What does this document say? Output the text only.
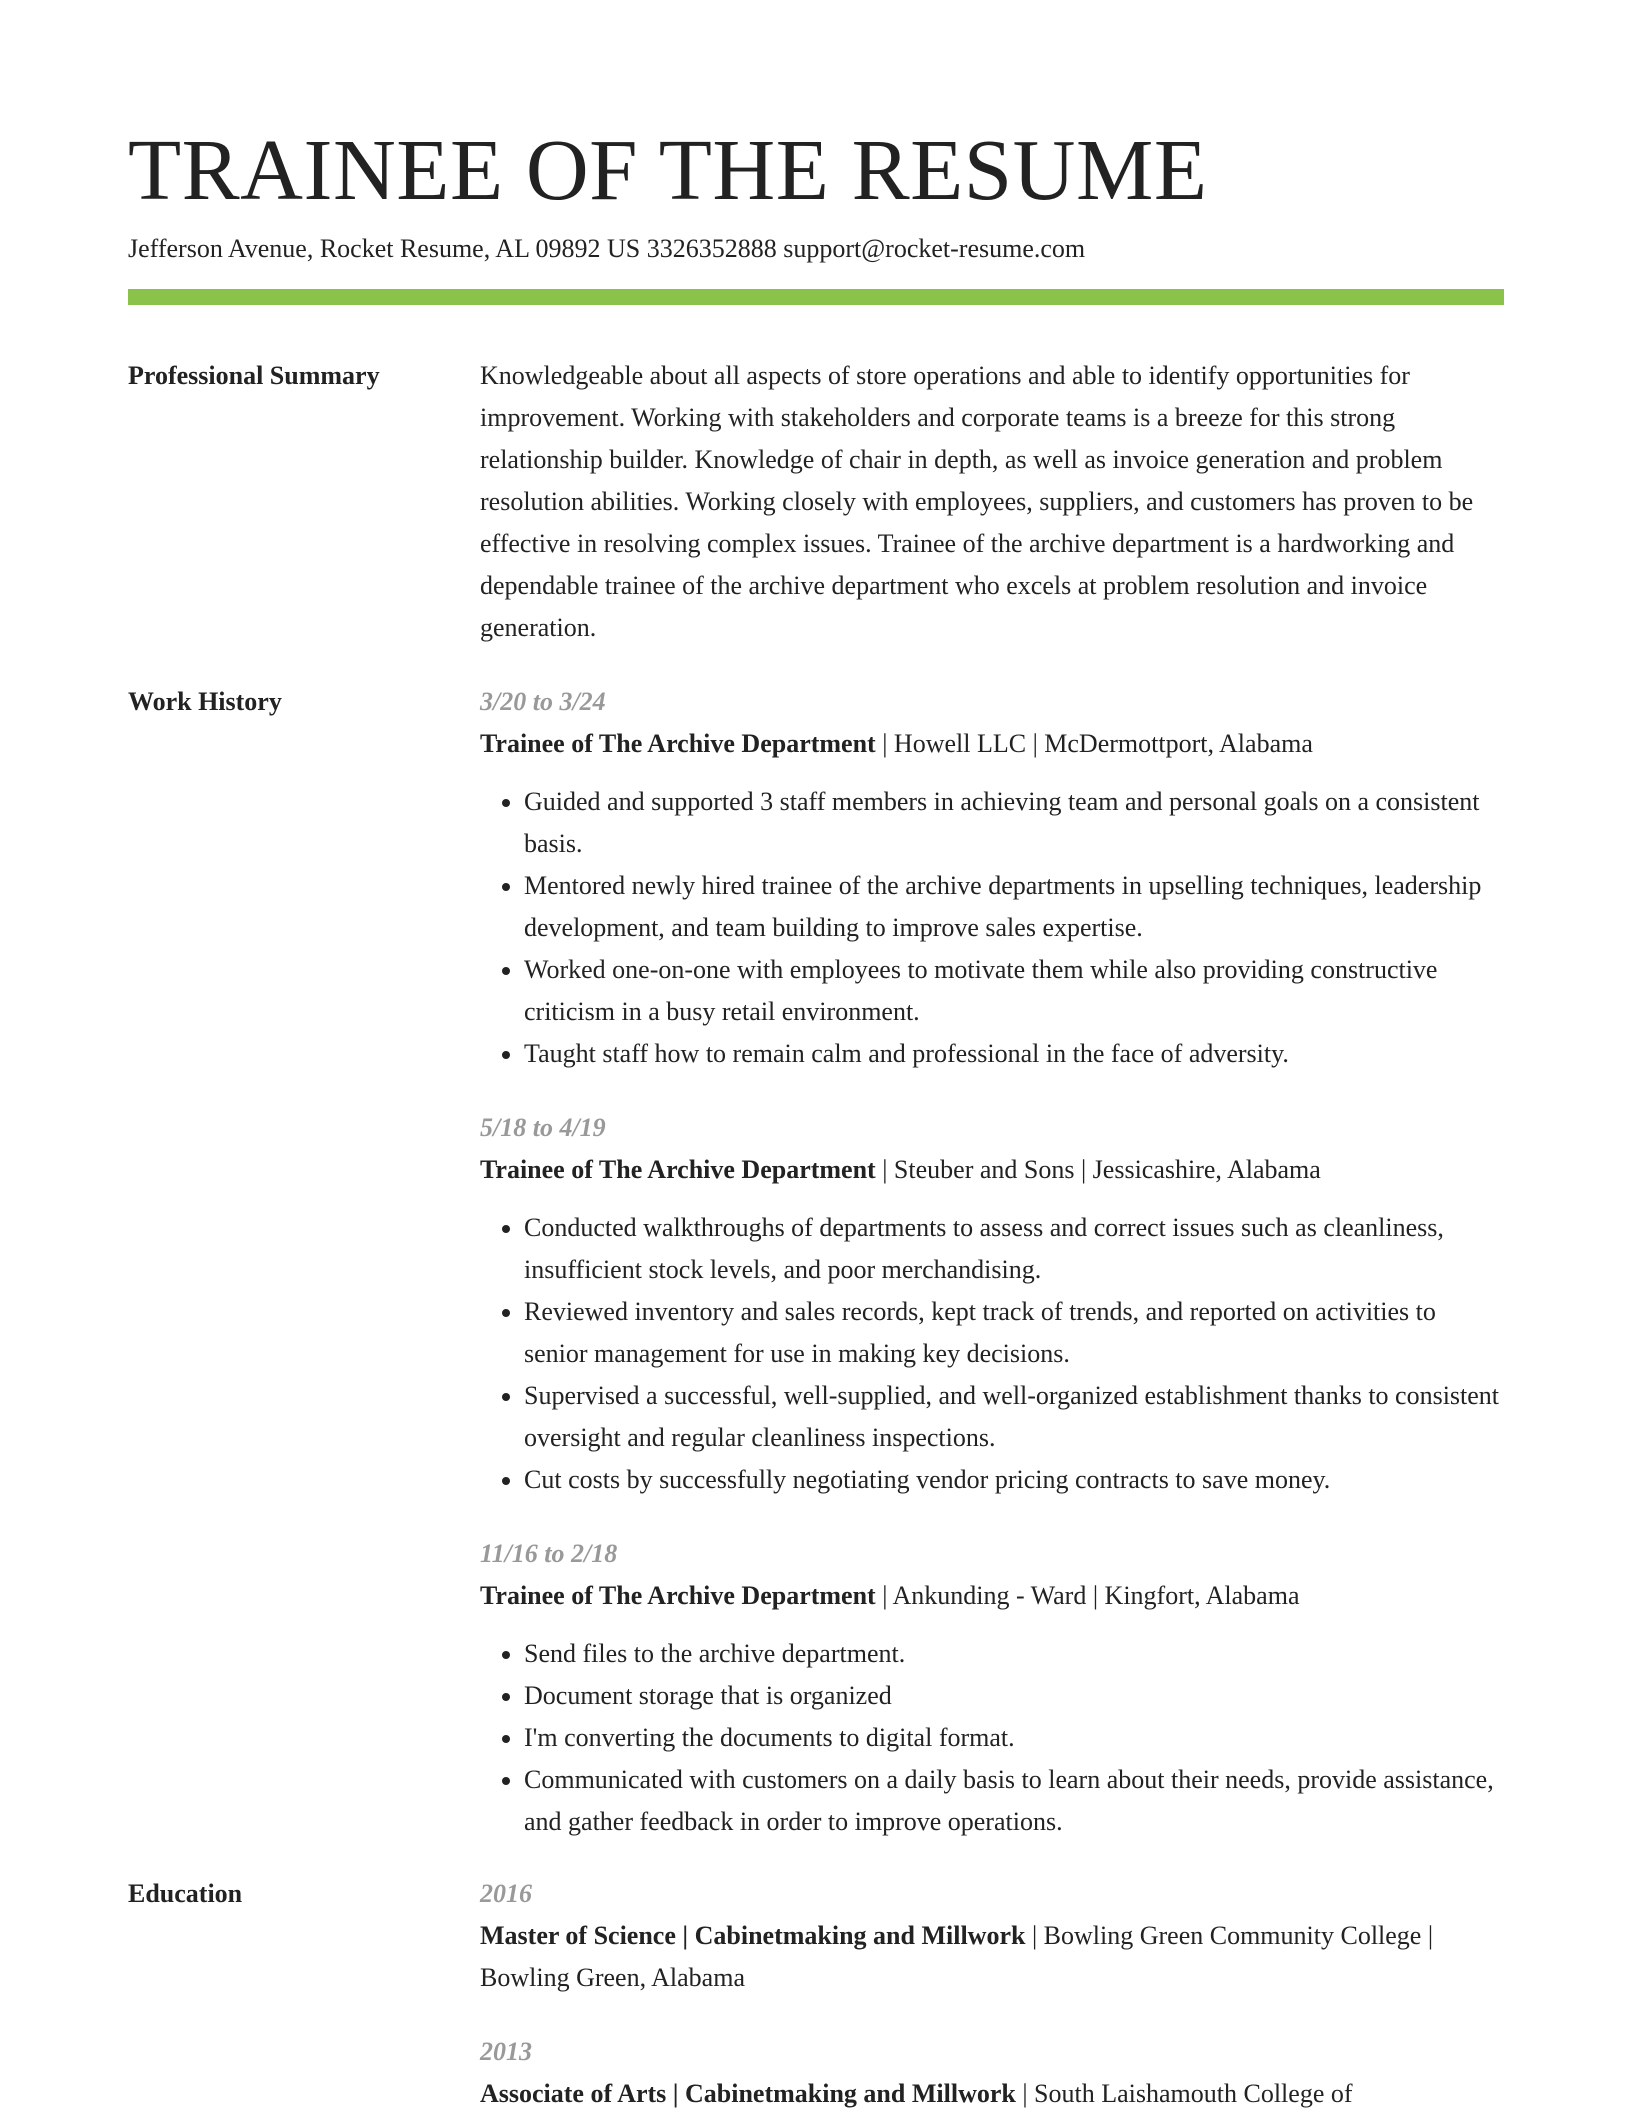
TRAINEE OF THE RESUME
Jefferson Avenue, Rocket Resume, AL 09892 US 3326352888 support@rocket-resume.com
Professional Summary	Knowledgeable about all aspects of store operations and able to identify opportunities for improvement. Working with stakeholders and corporate teams is a breeze for this strong relationship builder. Knowledge of chair in depth, as well as invoice generation and problem resolution abilities. Working closely with employees, suppliers, and customers has proven to be effective in resolving complex issues. Trainee of the archive department is a hardworking and dependable trainee of the archive department who excels at problem resolution and invoice generation.
Work History	3/20 to 3/24
Trainee of The Archive Department | Howell LLC | McDermottport, Alabama
• Guided and supported 3 staff members in achieving team and personal goals on a consistent basis.
• Mentored newly hired trainee of the archive departments in upselling techniques, leadership development, and team building to improve sales expertise.
• Worked one-on-one with employees to motivate them while also providing constructive criticism in a busy retail environment.
• Taught staff how to remain calm and professional in the face of adversity.
5/18 to 4/19
Trainee of The Archive Department | Steuber and Sons | Jessicashire, Alabama
• Conducted walkthroughs of departments to assess and correct issues such as cleanliness, insufficient stock levels, and poor merchandising.
• Reviewed inventory and sales records, kept track of trends, and reported on activities to senior management for use in making key decisions.
• Supervised a successful, well-supplied, and well-organized establishment thanks to consistent oversight and regular cleanliness inspections.
• Cut costs by successfully negotiating vendor pricing contracts to save money.
11/16 to 2/18
Trainee of The Archive Department | Ankunding - Ward | Kingfort, Alabama
• Send files to the archive department.
• Document storage that is organized
• I'm converting the documents to digital format.
• Communicated with customers on a daily basis to learn about their needs, provide assistance, and gather feedback in order to improve operations.
Education	2016
Master of Science | Cabinetmaking and Millwork | Bowling Green Community College | Bowling Green, Alabama
2013
Associate of Arts | Cabinetmaking and Millwork | South Laishamouth College of
